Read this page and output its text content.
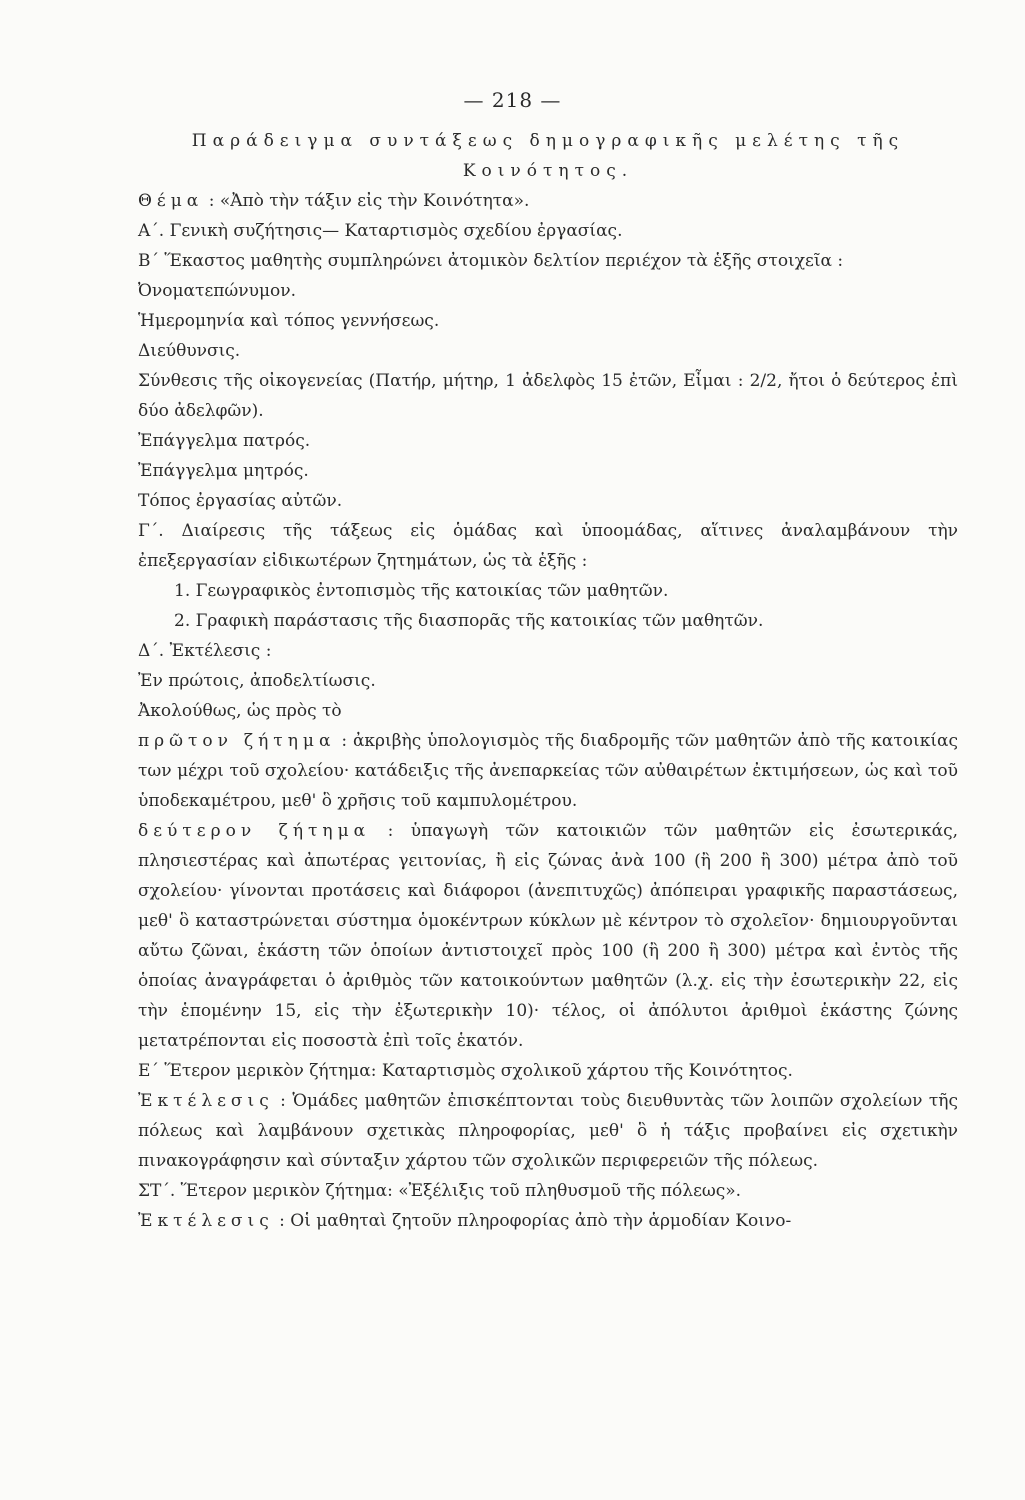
— 218 —

Παράδειγμα συντάξεως δημογραφικῆς μελέτης τῆς

Κοινότητος.

Θέμα : «Ἀπὸ τὴν τάξιν εἰς τὴν Κοινότητα».

Α΄. Γενικὴ συζήτησις— Καταρτισμὸς σχεδίου ἐργασίας.

Β΄ Ἕκαστος μαθητὴς συμπληρώνει ἀτομικὸν δελτίον περιέχον τὰ ἑξῆς στοιχεῖα :

Ὀνοματεπώνυμον.

Ἡμερομηνία καὶ τόπος γεννήσεως.

Διεύθυνσις.

Σύνθεσις τῆς οἰκογενείας (Πατήρ, μήτηρ, 1 ἀδελφὸς 15 ἐτῶν, Εἶμαι : 2/2, ἤτοι ὁ δεύτερος ἐπὶ δύο ἀδελφῶν).

Ἐπάγγελμα πατρός.

Ἐπάγγελμα μητρός.

Τόπος ἐργασίας αὐτῶν.

Γ΄. Διαίρεσις τῆς τάξεως εἰς ὁμάδας καὶ ὑποομάδας, αἵτινες ἀναλαμβάνουν τὴν ἐπεξεργασίαν εἰδικωτέρων ζητημάτων, ὡς τὰ ἑξῆς :

1. Γεωγραφικὸς ἐντοπισμὸς τῆς κατοικίας τῶν μαθητῶν.

2. Γραφικὴ παράστασις τῆς διασπορᾶς τῆς κατοικίας τῶν μαθητῶν.

Δ΄. Ἐκτέλεσις :

Ἐν πρώτοις, ἀποδελτίωσις.

Ἀκολούθως, ὡς πρὸς τὸ

πρῶτον ζήτημα : ἀκριβὴς ὑπολογισμὸς τῆς διαδρομῆς τῶν μαθητῶν ἀπὸ τῆς κατοικίας των μέχρι τοῦ σχολείου· κατάδειξις τῆς ἀνεπαρκείας τῶν αὐθαιρέτων ἐκτιμήσεων, ὡς καὶ τοῦ ὑποδεκαμέτρου, μεθ' ὃ χρῆσις τοῦ καμπυλομέτρου.

δεύτερον ζήτημα : ὑπαγωγὴ τῶν κατοικιῶν τῶν μαθητῶν εἰς ἐσωτερικάς, πλησιεστέρας καὶ ἀπωτέρας γειτονίας, ἢ εἰς ζώνας ἀνὰ 100 (ἢ 200 ἢ 300) μέτρα ἀπὸ τοῦ σχολείου· γίνονται προτάσεις καὶ διάφοροι (ἀνεπιτυχῶς) ἀπόπειραι γραφικῆς παραστάσεως, μεθ' ὃ καταστρώνεται σύστημα ὁμοκέντρων κύκλων μὲ κέντρον τὸ σχολεῖον· δημιουργοῦνται αὔτω ζῶναι, ἑκάστη τῶν ὁποίων ἀντιστοιχεῖ πρὸς 100 (ἢ 200 ἢ 300) μέτρα καὶ ἐντὸς τῆς ὁποίας ἀναγράφεται ὁ ἀριθμὸς τῶν κατοικούντων μαθητῶν (λ.χ. εἰς τὴν ἐσωτερικὴν 22, εἰς τὴν ἑπομένην 15, εἰς τὴν ἐξωτερικὴν 10)· τέλος, οἱ ἀπόλυτοι ἀριθμοὶ ἑκάστης ζώνης μετατρέπονται εἰς ποσοστὰ ἐπὶ τοῖς ἑκατόν.

Ε΄ Ἕτερον μερικὸν ζήτημα: Καταρτισμὸς σχολικοῦ χάρτου τῆς Κοινότητος.

Ἐκτέλεσις : Ὁμάδες μαθητῶν ἐπισκέπτονται τοὺς διευθυντὰς τῶν λοιπῶν σχολείων τῆς πόλεως καὶ λαμβάνουν σχετικὰς πληροφορίας, μεθ' ὃ ἡ τάξις προβαίνει εἰς σχετικὴν πινακογράφησιν καὶ σύνταξιν χάρτου τῶν σχολικῶν περιφερειῶν τῆς πόλεως.

ΣΤ΄. Ἕτερον μερικὸν ζήτημα: «Ἐξέλιξις τοῦ πληθυσμοῦ τῆς πόλεως».

Ἐκτέλεσις : Οἱ μαθηταὶ ζητοῦν πληροφορίας ἀπὸ τὴν ἁρμοδίαν Κοινο-
